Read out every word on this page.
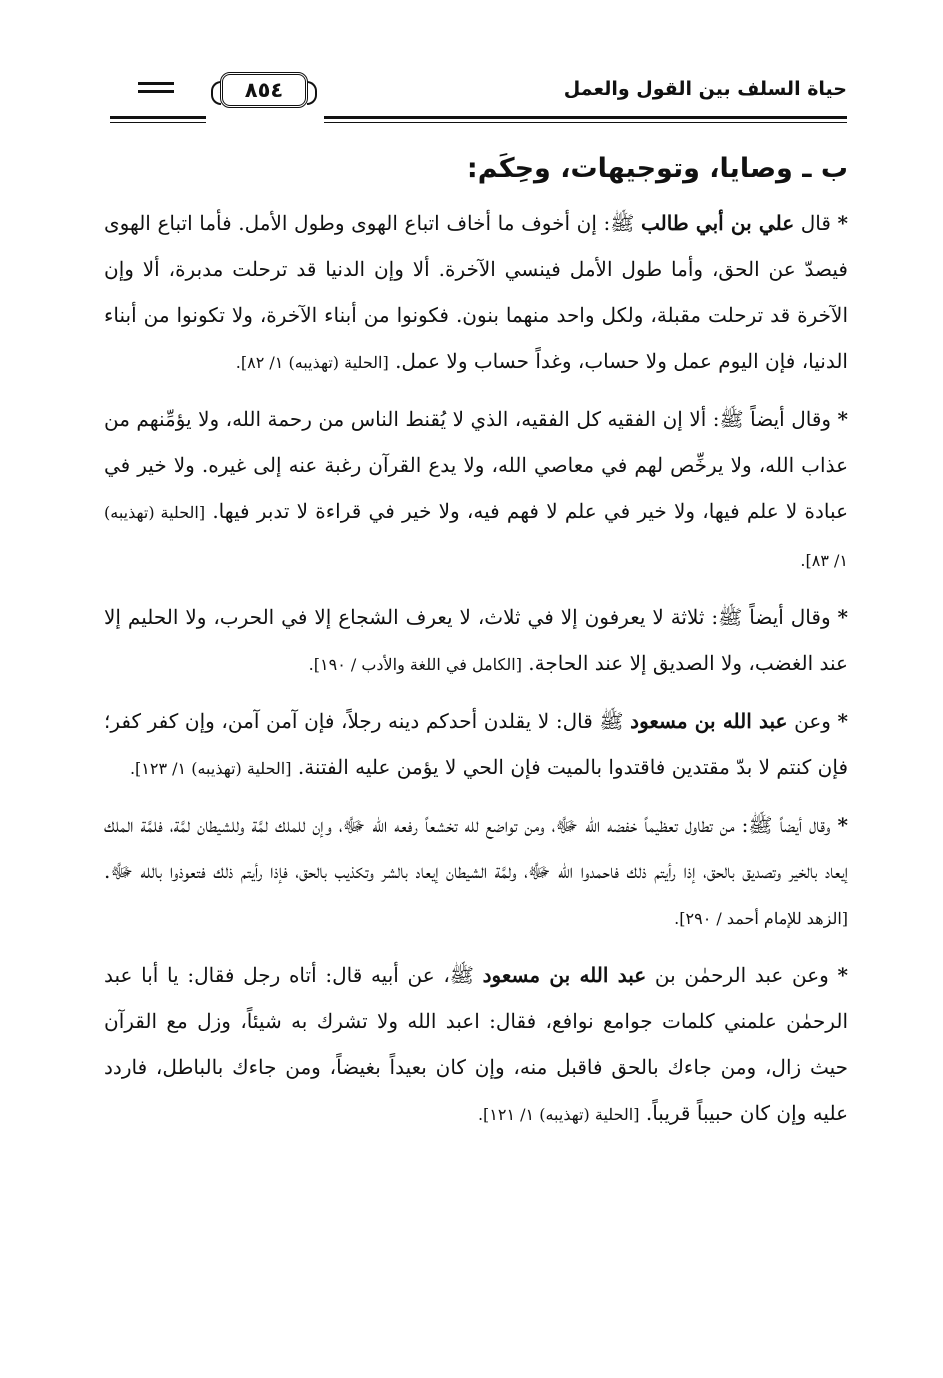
٨٥٤	حياة السلف بين القول والعمل
ب ـ وصايا، وتوجيهات، وحِكَم:

* قال علي بن أبي طالب ﷺ: إن أخوف ما أخاف اتباع الهوى وطول الأمل. فأما اتباع الهوى فيصدّ عن الحق، وأما طول الأمل فينسي الآخرة. ألا وإن الدنيا قد ترحلت مدبرة، ألا وإن الآخرة قد ترحلت مقبلة، ولكل واحد منهما بنون. فكونوا من أبناء الآخرة، ولا تكونوا من أبناء الدنيا، فإن اليوم عمل ولا حساب، وغداً حساب ولا عمل. [الحلية (تهذيبه) ١/ ٨٢].

* وقال أيضاً ﷺ: ألا إن الفقيه كل الفقيه، الذي لا يُقنط الناس من رحمة الله، ولا يؤمِّنهم من عذاب الله، ولا يرخِّص لهم في معاصي الله، ولا يدع القرآن رغبة عنه إلى غيره. ولا خير في عبادة لا علم فيها، ولا خير في علم لا فهم فيه، ولا خير في قراءة لا تدبر فيها. [الحلية (تهذيبه) ١/ ٨٣].

* وقال أيضاً ﷺ: ثلاثة لا يعرفون إلا في ثلاث، لا يعرف الشجاع إلا في الحرب، ولا الحليم إلا عند الغضب، ولا الصديق إلا عند الحاجة. [الكامل في اللغة والأدب / ١٩٠].

* وعن عبد الله بن مسعود ﷺ قال: لا يقلدن أحدكم دينه رجلاً، فإن آمن آمن، وإن كفر كفر؛ فإن كنتم لا بدّ مقتدين فاقتدوا بالميت فإن الحي لا يؤمن عليه الفتنة. [الحلية (تهذيبه) ١/ ١٢٣].

* وقال أيضاً ﷺ: من تطاول تعظيماً خفضه الله ﷻ، ومن تواضع لله تخشعاً رفعه الله ﷻ، وإن للملك لمَّة وللشيطان لمَّة، فلمَّة الملك إيعاد بالخير وتصديق بالحق، إذا رأيتم ذلك فاحمدوا الله ﷻ، ولمَّة الشيطان إيعاد بالشر وتكذيب بالحق، فإذا رأيتم ذلك فتعوذوا بالله ﷻ. [الزهد للإمام أحمد / ٢٩٠].

* وعن عبد الرحمٰن بن عبد الله بن مسعود ﷺ، عن أبيه قال: أتاه رجل فقال: يا أبا عبد الرحمٰن علمني كلمات جوامع نوافع، فقال: اعبد الله ولا تشرك به شيئاً، وزل مع القرآن حيث زال، ومن جاءك بالحق فاقبل منه، وإن كان بعيداً بغيضاً، ومن جاءك بالباطل، فاردد عليه وإن كان حبيباً قريباً. [الحلية (تهذيبه) ١/ ١٢١].
